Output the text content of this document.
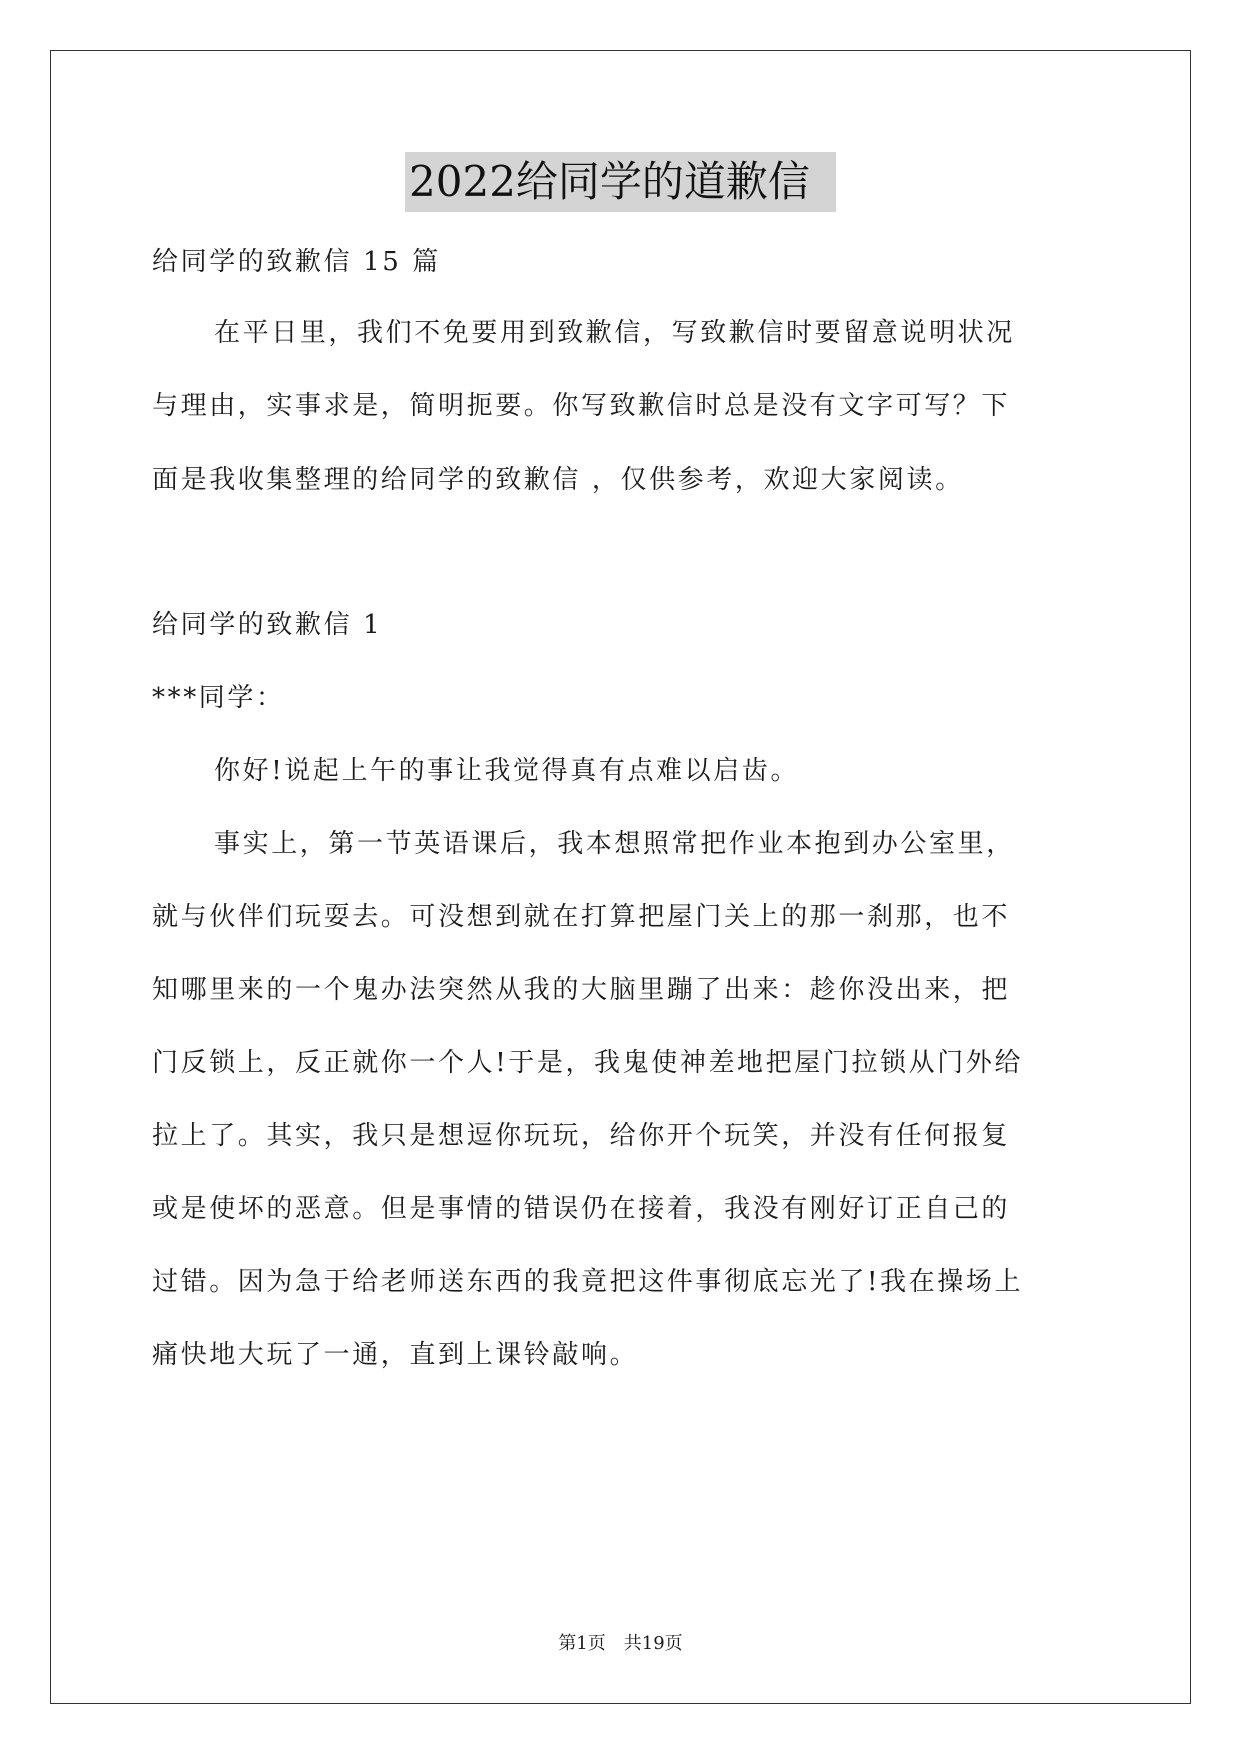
2022给同学的道歉信
给同学的致歉信 15 篇
在平日里，我们不免要用到致歉信，写致歉信时要留意说明状况
与理由，实事求是，简明扼要。你写致歉信时总是没有文字可写？下
面是我收集整理的给同学的致歉信 ，仅供参考，欢迎大家阅读。
给同学的致歉信 1
***同学：
你好!说起上午的事让我觉得真有点难以启齿。
事实上，第一节英语课后，我本想照常把作业本抱到办公室里，
就与伙伴们玩耍去。可没想到就在打算把屋门关上的那一刹那，也不
知哪里来的一个鬼办法突然从我的大脑里蹦了出来：趁你没出来，把
门反锁上，反正就你一个人!于是，我鬼使神差地把屋门拉锁从门外给
拉上了。其实，我只是想逗你玩玩，给你开个玩笑，并没有任何报复
或是使坏的恶意。但是事情的错误仍在接着，我没有刚好订正自己的
过错。因为急于给老师送东西的我竟把这件事彻底忘光了!我在操场上
痛快地大玩了一通，直到上课铃敲响。
第1页　共19页
